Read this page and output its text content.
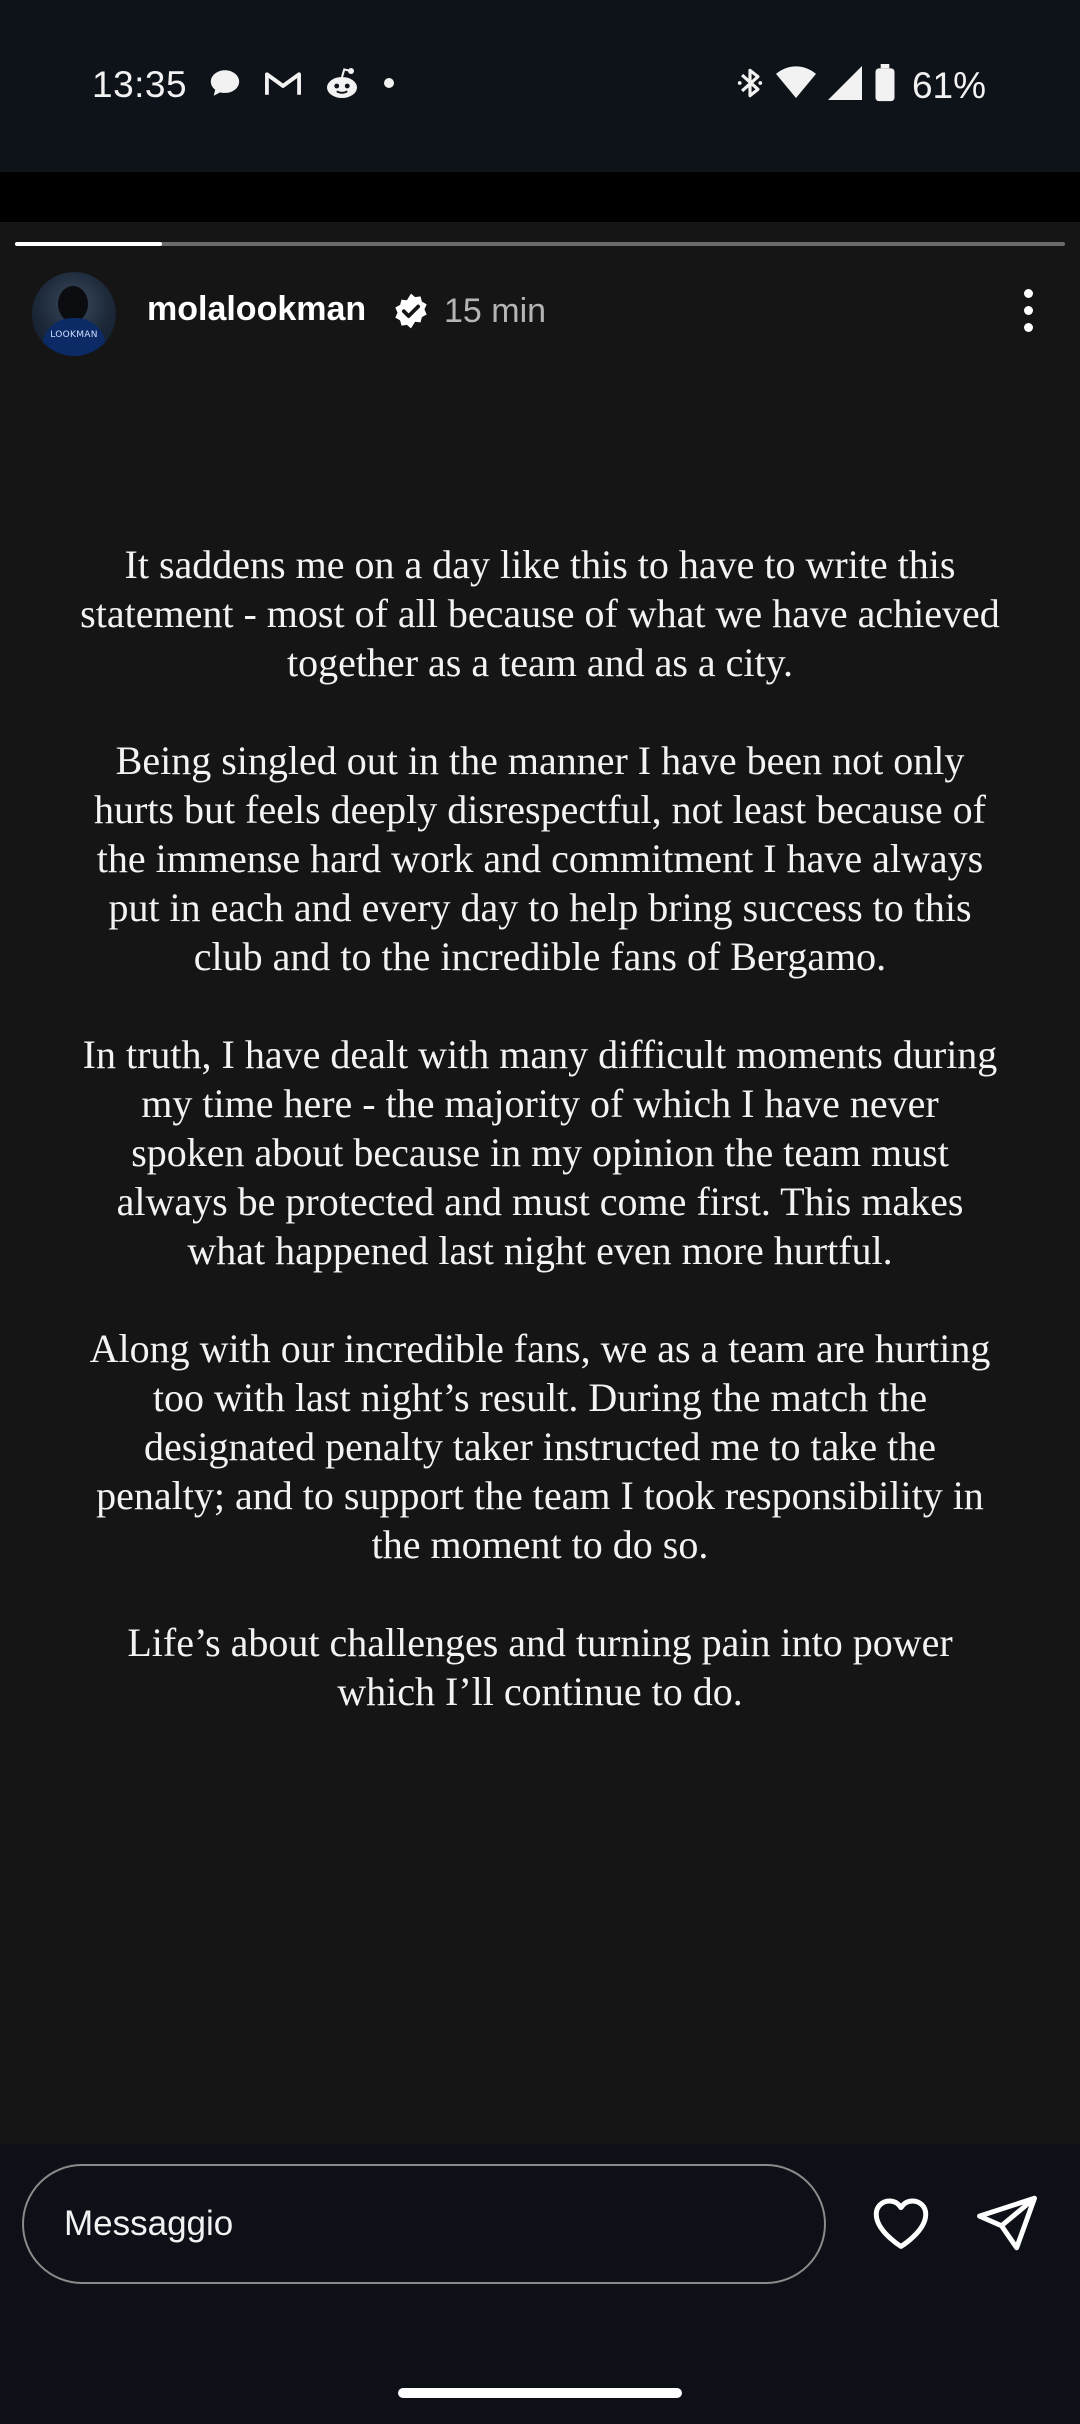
13:35	61%
LOOKMAN
molalookman 15 min

It saddens me on a day like this to have to write this statement - most of all because of what we have achieved together as a team and as a city.

Being singled out in the manner I have been not only hurts but feels deeply disrespectful, not least because of the immense hard work and commitment I have always put in each and every day to help bring success to this club and to the incredible fans of Bergamo.

In truth, I have dealt with many difficult moments during my time here - the majority of which I have never spoken about because in my opinion the team must always be protected and must come first. This makes what happened last night even more hurtful.

Along with our incredible fans, we as a team are hurting too with last night’s result. During the match the designated penalty taker instructed me to take the penalty; and to support the team I took responsibility in the moment to do so.

Life’s about challenges and turning pain into power which I’ll continue to do.

Messaggio
